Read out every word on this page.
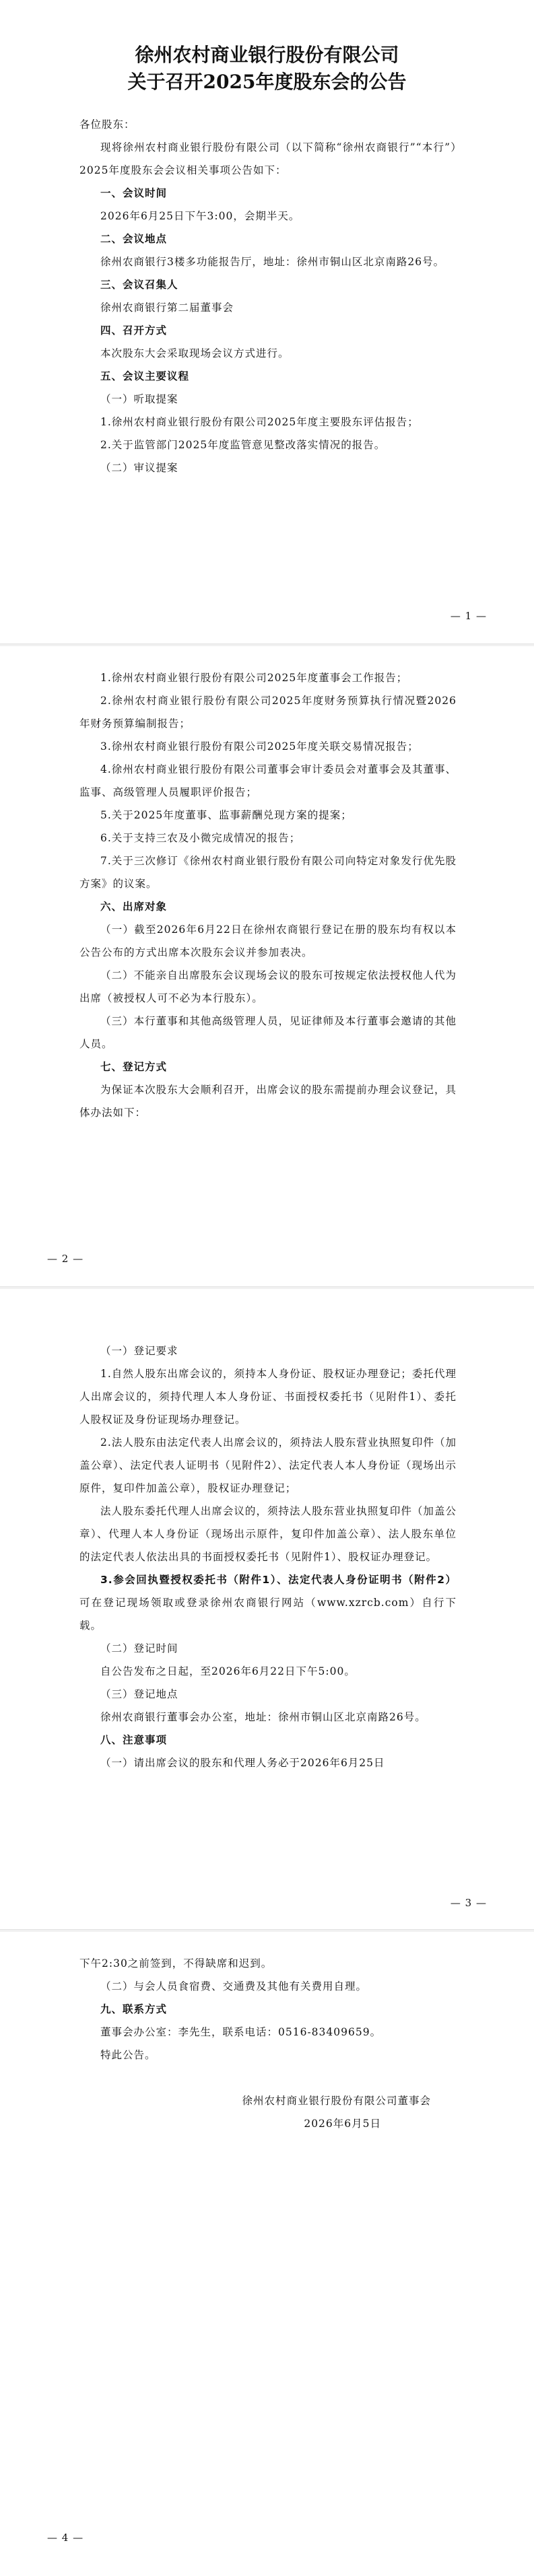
徐州农村商业银行股份有限公司
关于召开2025年度股东会的公告

各位股东：

现将徐州农村商业银行股份有限公司（以下简称“徐州农商银行”“本行”）2025年度股东会会议相关事项公告如下：

一、会议时间

2026年6月25日下午3:00，会期半天。

二、会议地点

徐州农商银行3楼多功能报告厅，地址：徐州市铜山区北京南路26号。

三、会议召集人

徐州农商银行第二届董事会

四、召开方式

本次股东大会采取现场会议方式进行。

五、会议主要议程

（一）听取提案

1.徐州农村商业银行股份有限公司2025年度主要股东评估报告；

2.关于监管部门2025年度监管意见整改落实情况的报告。

（二）审议提案

— 1 —

1.徐州农村商业银行股份有限公司2025年度董事会工作报告；

2.徐州农村商业银行股份有限公司2025年度财务预算执行情况暨2026年财务预算编制报告；

3.徐州农村商业银行股份有限公司2025年度关联交易情况报告；

4.徐州农村商业银行股份有限公司董事会审计委员会对董事会及其董事、监事、高级管理人员履职评价报告；

5.关于2025年度董事、监事薪酬兑现方案的提案；

6.关于支持三农及小微完成情况的报告；

7.关于三次修订《徐州农村商业银行股份有限公司向特定对象发行优先股方案》的议案。

六、出席对象

（一）截至2026年6月22日在徐州农商银行登记在册的股东均有权以本公告公布的方式出席本次股东会议并参加表决。

（二）不能亲自出席股东会议现场会议的股东可按规定依法授权他人代为出席（被授权人可不必为本行股东）。

（三）本行董事和其他高级管理人员，见证律师及本行董事会邀请的其他人员。

七、登记方式

为保证本次股东大会顺利召开，出席会议的股东需提前办理会议登记，具体办法如下：

— 2 —

（一）登记要求

1.自然人股东出席会议的，须持本人身份证、股权证办理登记；委托代理人出席会议的，须持代理人本人身份证、书面授权委托书（见附件1）、委托人股权证及身份证现场办理登记。

2.法人股东由法定代表人出席会议的，须持法人股东营业执照复印件（加盖公章）、法定代表人证明书（见附件2）、法定代表人本人身份证（现场出示原件，复印件加盖公章），股权证办理登记；

法人股东委托代理人出席会议的，须持法人股东营业执照复印件（加盖公章）、代理人本人身份证（现场出示原件，复印件加盖公章）、法人股东单位的法定代表人依法出具的书面授权委托书（见附件1）、股权证办理登记。

3.参会回执暨授权委托书（附件1）、法定代表人身份证明书（附件2）可在登记现场领取或登录徐州农商银行网站（www.xzrcb.com）自行下载。

（二）登记时间

自公告发布之日起，至2026年6月22日下午5:00。

（三）登记地点

徐州农商银行董事会办公室，地址：徐州市铜山区北京南路26号。

八、注意事项

（一）请出席会议的股东和代理人务必于2026年6月25日

— 3 —

下午2:30之前签到，不得缺席和迟到。

（二）与会人员食宿费、交通费及其他有关费用自理。

九、联系方式

董事会办公室：李先生，联系电话：0516-83409659。

特此公告。

徐州农村商业银行股份有限公司董事会

2026年6月5日

— 4 —
